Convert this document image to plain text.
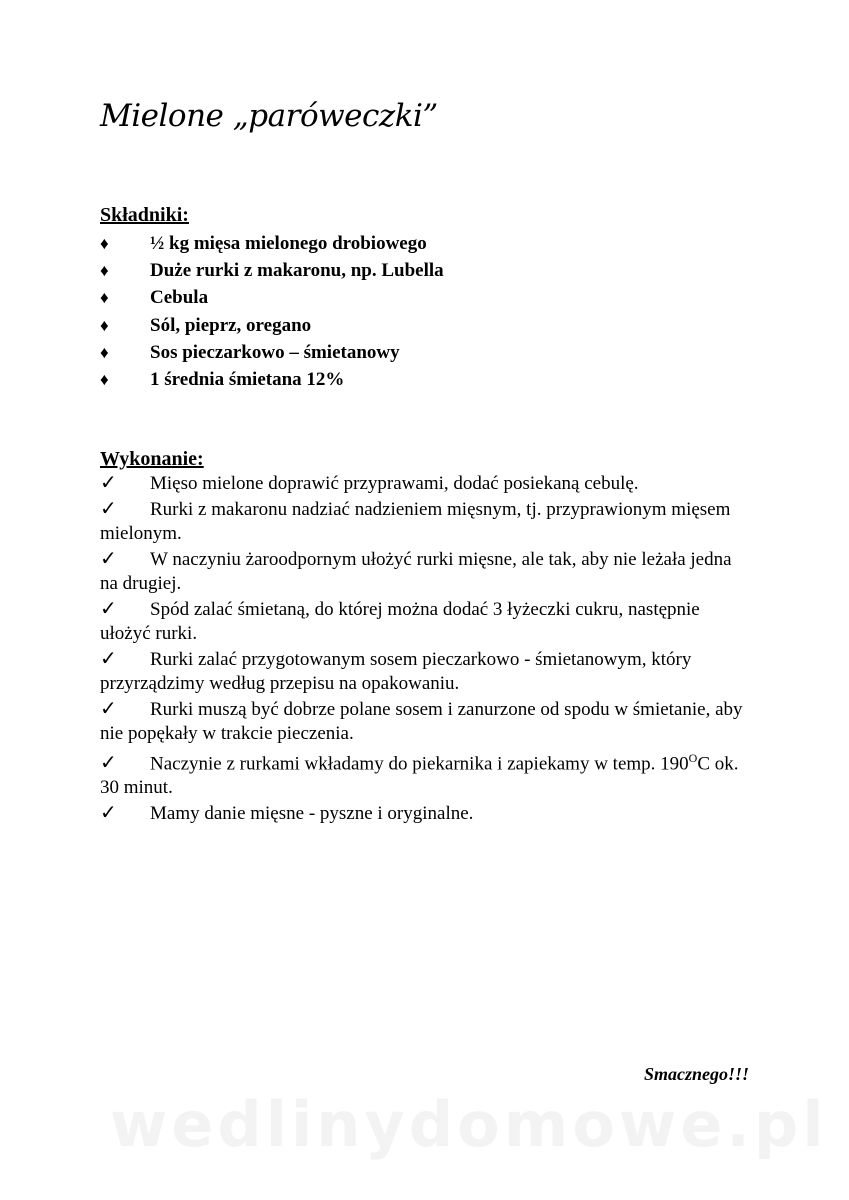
Mielone „paróweczki”
Składniki:
♦	½ kg mięsa mielonego drobiowego
♦	Duże rurki z makaronu, np. Lubella
♦	Cebula
♦	Sól, pieprz, oregano
♦	Sos pieczarkowo – śmietanowy
♦	1 średnia śmietana 12%
Wykonanie:
✓ Mięso mielone doprawić przyprawami, dodać posiekaną cebulę.
✓ Rurki z makaronu nadziać nadzieniem mięsnym, tj. przyprawionym mięsem mielonym.
✓ W naczyniu żaroodpornym ułożyć rurki mięsne, ale tak, aby nie leżała jedna na drugiej.
✓ Spód zalać śmietaną, do której można dodać 3 łyżeczki cukru, następnie ułożyć rurki.
✓ Rurki zalać przygotowanym sosem pieczarkowo - śmietanowym, który przyrządzimy według przepisu na opakowaniu.
✓ Rurki muszą być dobrze polane sosem i zanurzone od spodu w śmietanie, aby nie popękały w trakcie pieczenia.
✓ Naczynie z rurkami wkładamy do piekarnika i zapiekamy w temp. $190^OC$ ok. 30 minut.
✓ Mamy danie mięsne - pyszne i oryginalne.
Smacznego!!!
wedlinydomowe.pl
